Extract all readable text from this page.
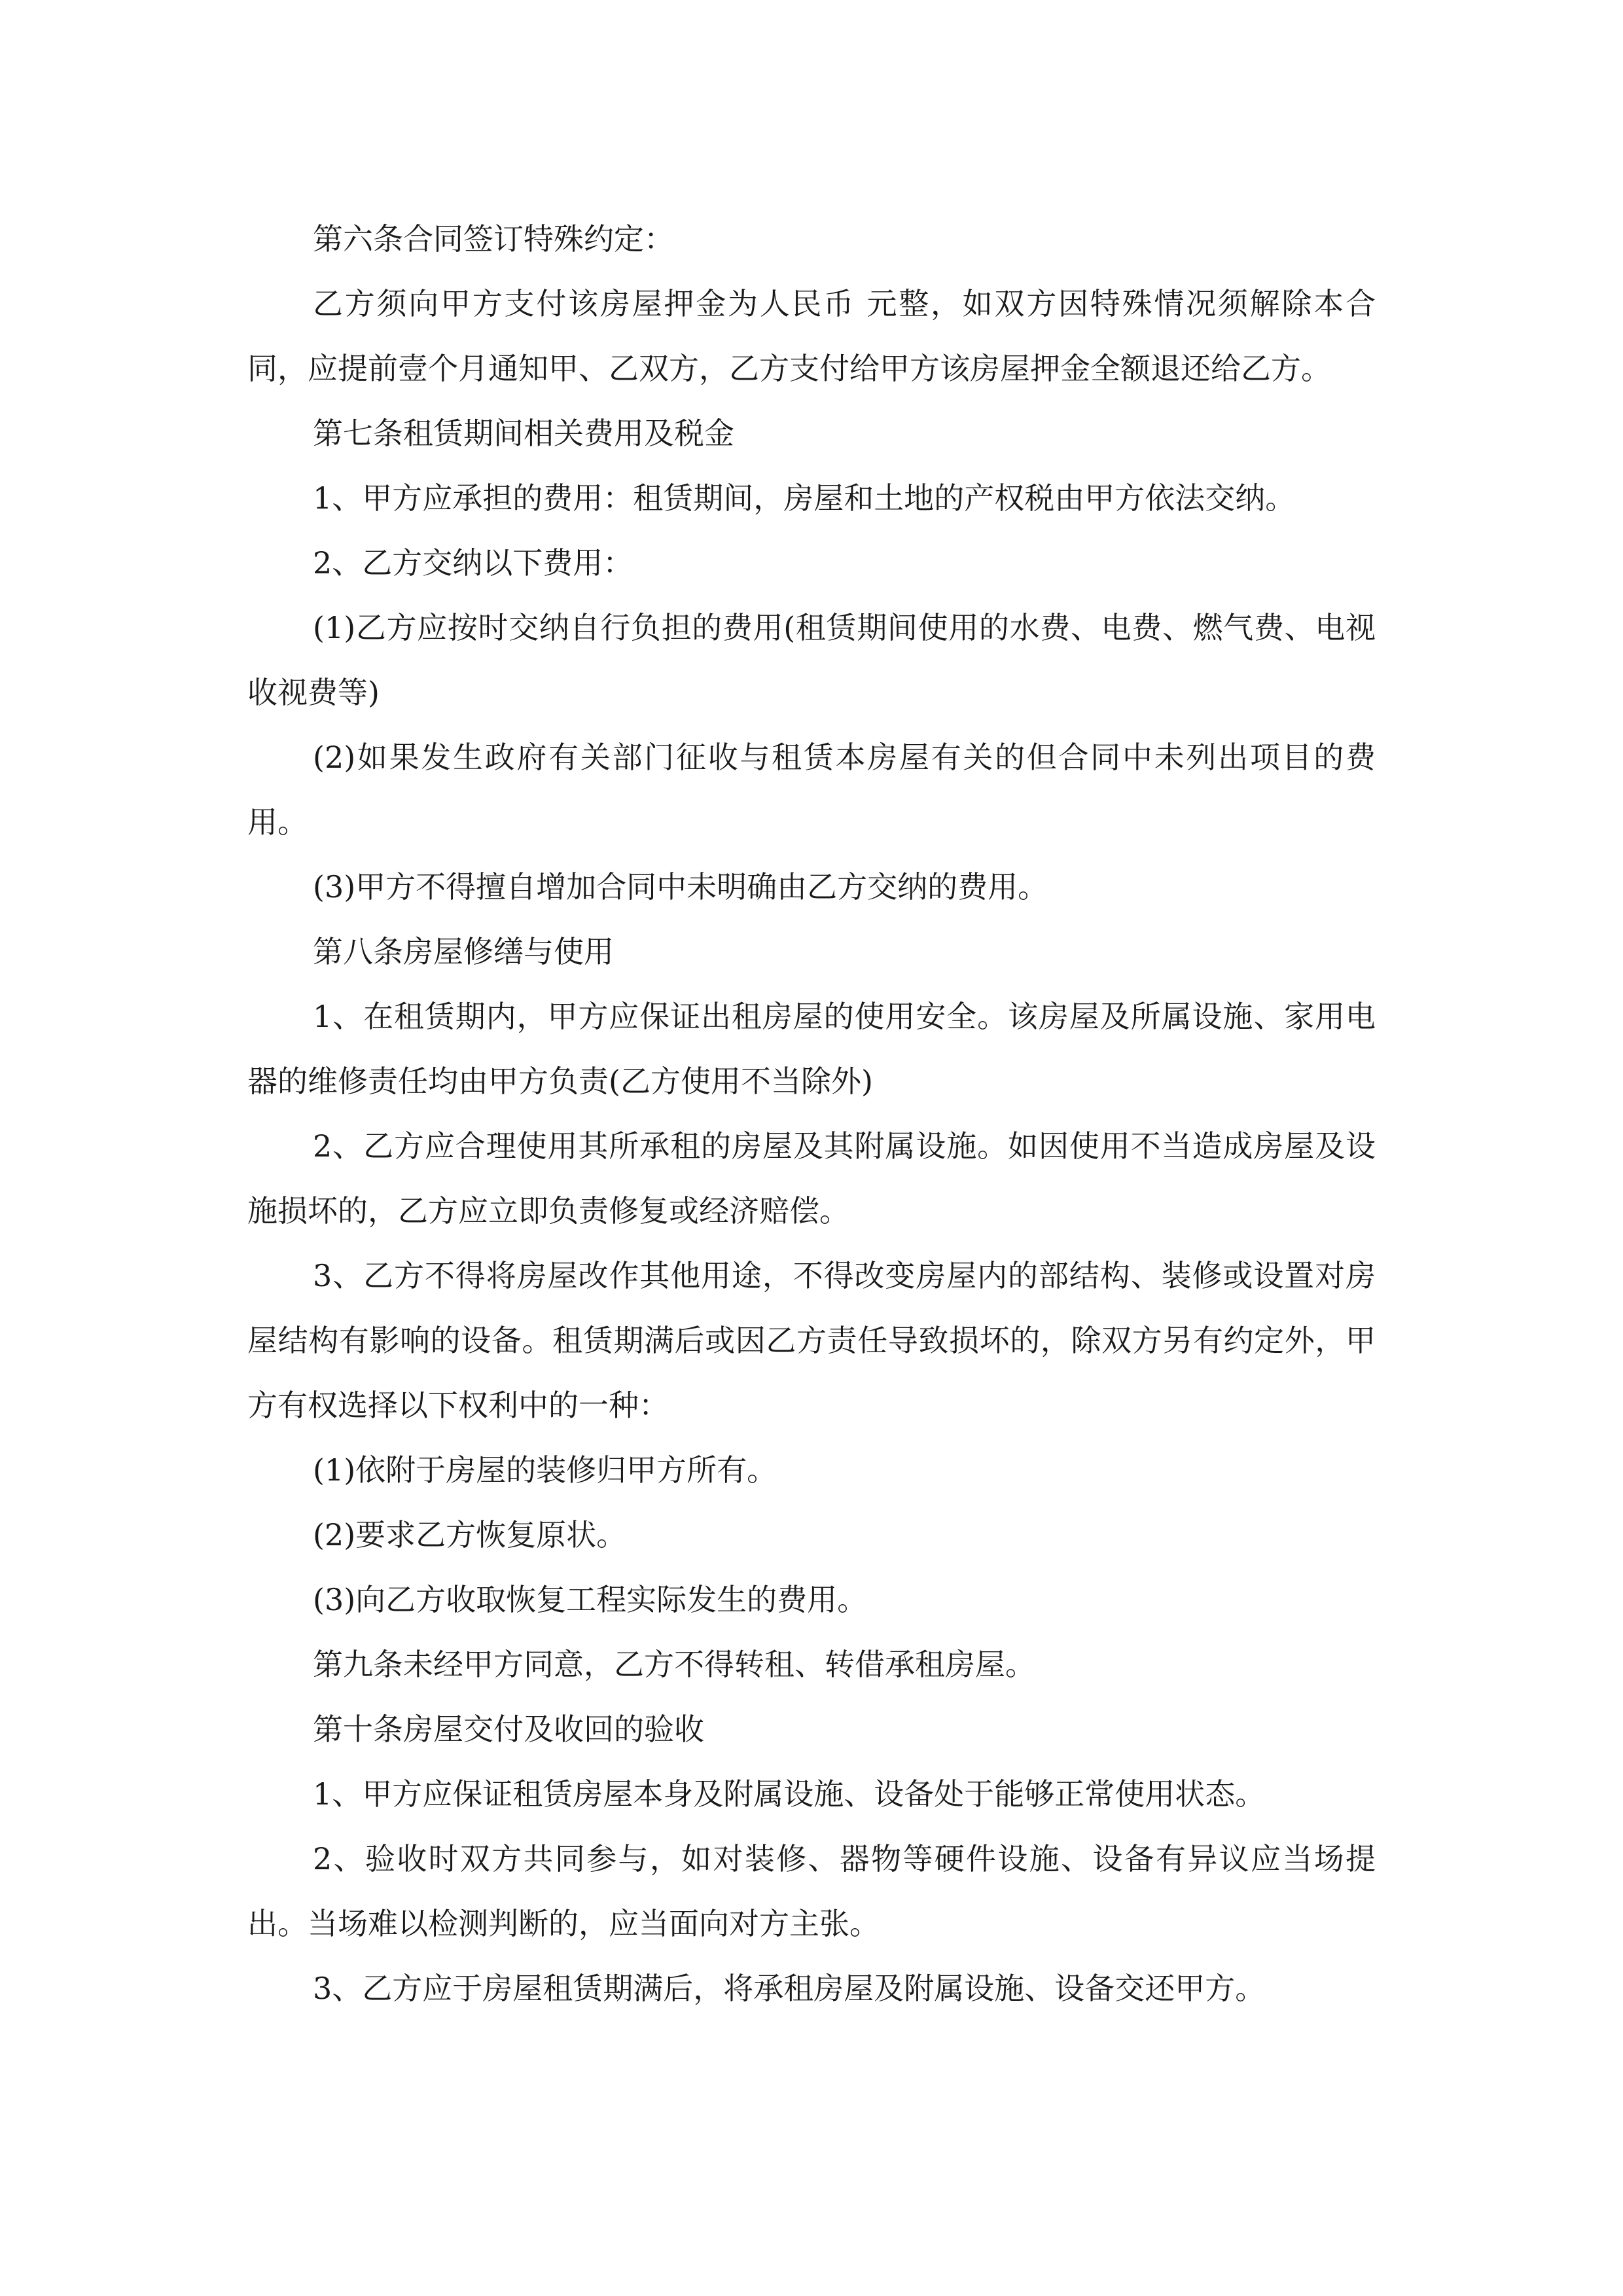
第六条合同签订特殊约定：

乙方须向甲方支付该房屋押金为人民币 元整，如双方因特殊情况须解除本合同，应提前壹个月通知甲、乙双方，乙方支付给甲方该房屋押金全额退还给乙方。

第七条租赁期间相关费用及税金

1、甲方应承担的费用：租赁期间，房屋和土地的产权税由甲方依法交纳。

2、乙方交纳以下费用：

(1)乙方应按时交纳自行负担的费用(租赁期间使用的水费、电费、燃气费、电视收视费等)

(2)如果发生政府有关部门征收与租赁本房屋有关的但合同中未列出项目的费用。

(3)甲方不得擅自增加合同中未明确由乙方交纳的费用。

第八条房屋修缮与使用

1、在租赁期内，甲方应保证出租房屋的使用安全。该房屋及所属设施、家用电器的维修责任均由甲方负责(乙方使用不当除外)

2、乙方应合理使用其所承租的房屋及其附属设施。如因使用不当造成房屋及设施损坏的，乙方应立即负责修复或经济赔偿。

3、乙方不得将房屋改作其他用途，不得改变房屋内的部结构、装修或设置对房屋结构有影响的设备。租赁期满后或因乙方责任导致损坏的，除双方另有约定外，甲方有权选择以下权利中的一种：

(1)依附于房屋的装修归甲方所有。

(2)要求乙方恢复原状。

(3)向乙方收取恢复工程实际发生的费用。

第九条未经甲方同意，乙方不得转租、转借承租房屋。

第十条房屋交付及收回的验收

1、甲方应保证租赁房屋本身及附属设施、设备处于能够正常使用状态。

2、验收时双方共同参与，如对装修、器物等硬件设施、设备有异议应当场提出。当场难以检测判断的，应当面向对方主张。

3、乙方应于房屋租赁期满后，将承租房屋及附属设施、设备交还甲方。
